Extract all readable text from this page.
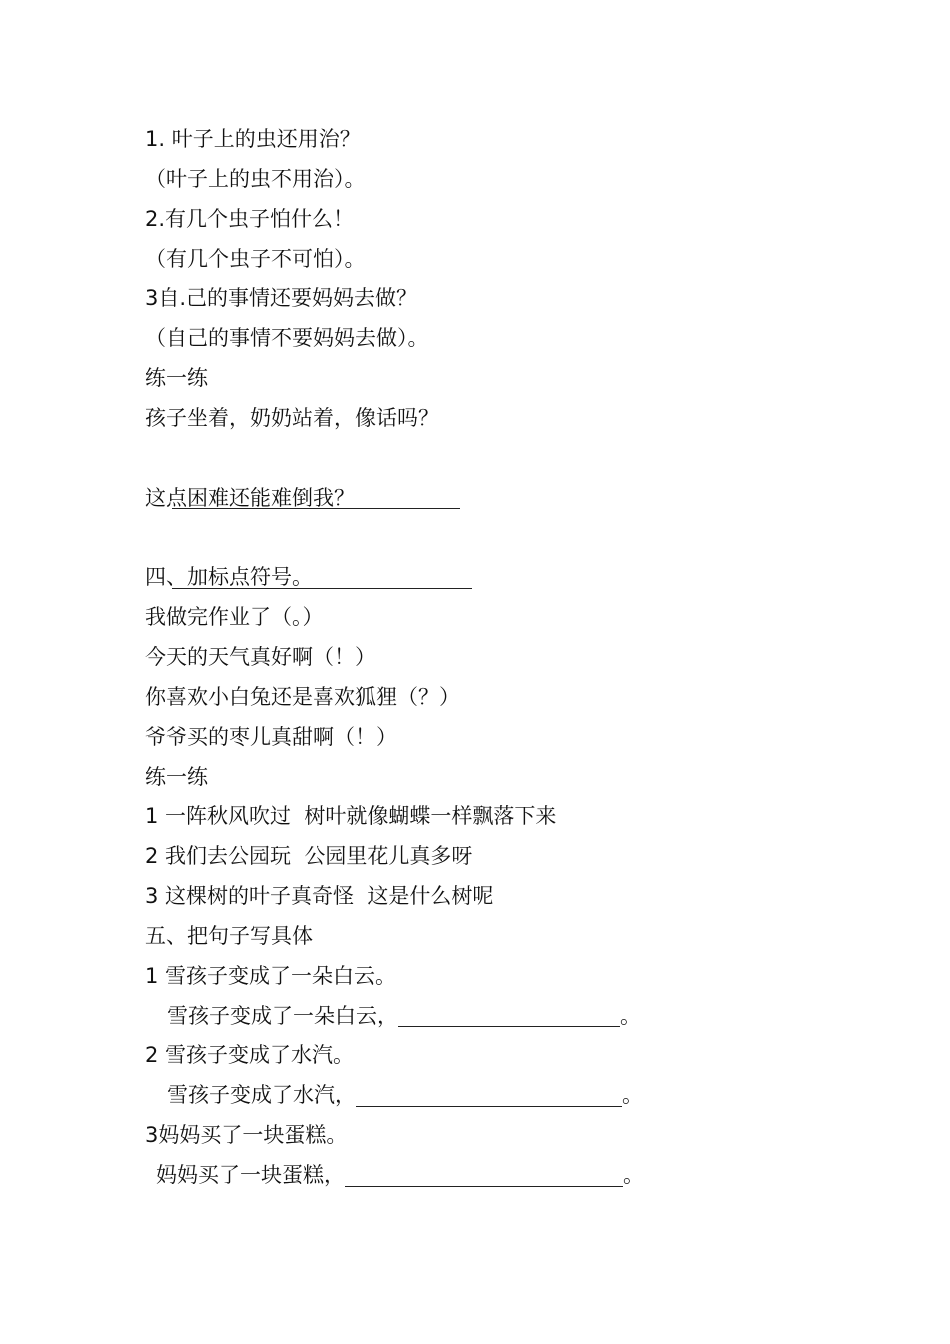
1. 叶子上的虫还用治？
（叶子上的虫不用治）。
2.有几个虫子怕什么！
（有几个虫子不可怕）。
3自.己的事情还要妈妈去做？
（自己的事情不要妈妈去做）。
练一练
孩子坐着，奶奶站着，像话吗？

这点困难还能难倒我？

四、加标点符号。
我做完作业了（。）
今天的天气真好啊（！）
你喜欢小白兔还是喜欢狐狸（？）
爷爷买的枣儿真甜啊（！）
练一练
1 一阵秋风吹过  树叶就像蝴蝶一样飘落下来
2 我们去公园玩  公园里花儿真多呀
3 这棵树的叶子真奇怪  这是什么树呢
五、把句子写具体
1 雪孩子变成了一朵白云。
雪孩子变成了一朵白云，	。
2 雪孩子变成了水汽。
雪孩子变成了水汽，	。
3妈妈买了一块蛋糕。
妈妈买了一块蛋糕，	。
